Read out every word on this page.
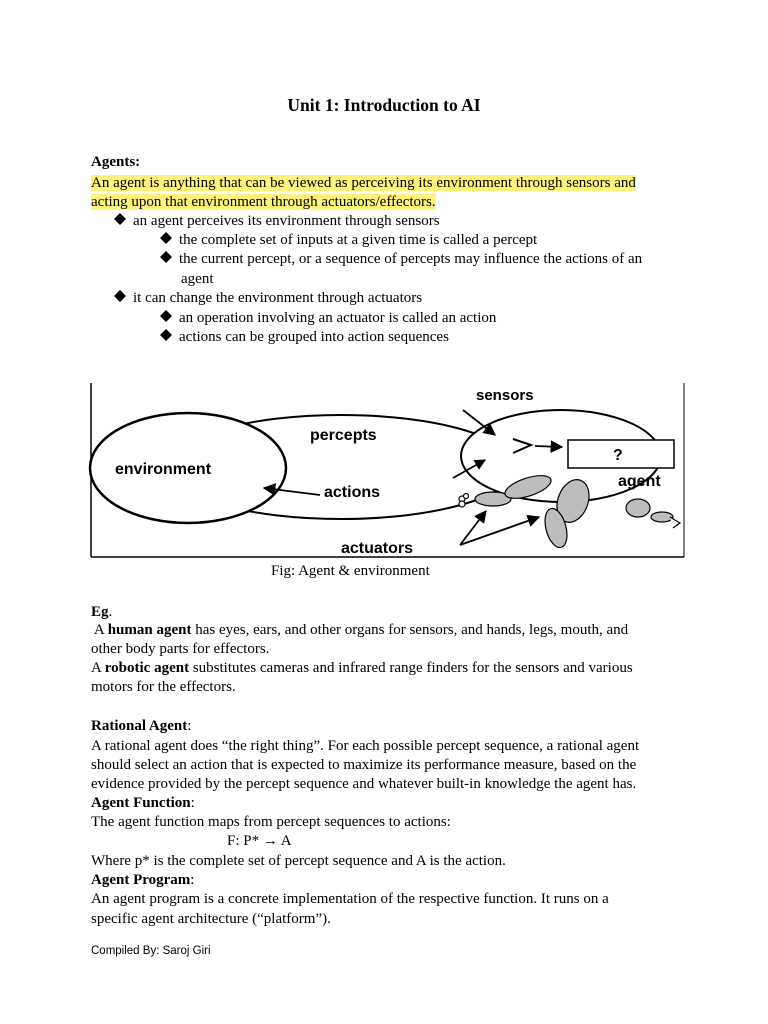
Unit 1: Introduction to AI
Agents:
An agent is anything that can be viewed as perceiving its environment through sensors and
acting upon that environment through actuators/effectors.
an agent perceives its environment through sensors
the complete set of inputs at a given time is called a percept
the current percept, or a sequence of percepts may influence the actions of an
agent
it can change the environment through actuators
an operation involving an actuator is called an action
actions can be grouped into action sequences
sensors
percepts
environment
actions
agent
?
actuators
Fig: Agent & environment
Eg.
A human agent has eyes, ears, and other organs for sensors, and hands, legs, mouth, and
other body parts for effectors.
A robotic agent substitutes cameras and infrared range finders for the sensors and various
motors for the effectors.
Rational Agent:
A rational agent does “the right thing”. For each possible percept sequence, a rational agent
should select an action that is expected to maximize its performance measure, based on the
evidence provided by the percept sequence and whatever built-in knowledge the agent has.
Agent Function:
The agent function maps from percept sequences to actions:
F: P* → A
Where p* is the complete set of percept sequence and A is the action.
Agent Program:
An agent program is a concrete implementation of the respective function. It runs on a
specific agent architecture (“platform”).
Compiled By: Saroj Giri
